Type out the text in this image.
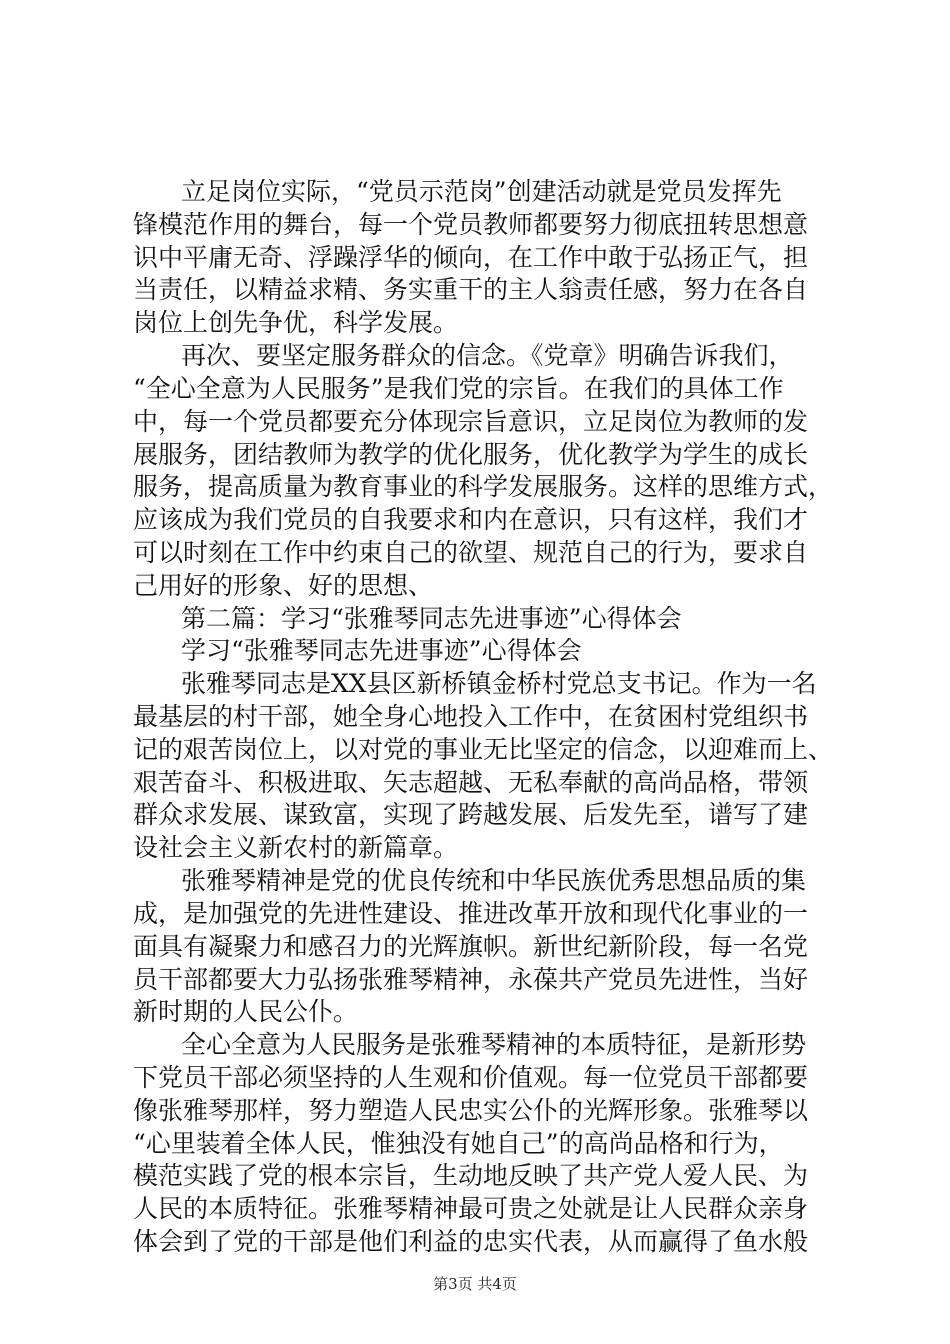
立足岗位实际，“党员示范岗”创建活动就是党员发挥先
锋模范作用的舞台，每一个党员教师都要努力彻底扭转思想意
识中平庸无奇、浮躁浮华的倾向，在工作中敢于弘扬正气，担
当责任，以精益求精、务实重干的主人翁责任感，努力在各自
岗位上创先争优，科学发展。
再次、要坚定服务群众的信念。《党章》明确告诉我们，
“全心全意为人民服务”是我们党的宗旨。在我们的具体工作
中，每一个党员都要充分体现宗旨意识，立足岗位为教师的发
展服务，团结教师为教学的优化服务，优化教学为学生的成长
服务，提高质量为教育事业的科学发展服务。这样的思维方式，
应该成为我们党员的自我要求和内在意识，只有这样，我们才
可以时刻在工作中约束自己的欲望、规范自己的行为，要求自
己用好的形象、好的思想、
第二篇：学习“张雅琴同志先进事迹”心得体会
学习“张雅琴同志先进事迹”心得体会
张雅琴同志是XX县区新桥镇金桥村党总支书记。作为一名
最基层的村干部，她全身心地投入工作中，在贫困村党组织书
记的艰苦岗位上，以对党的事业无比坚定的信念，以迎难而上、
艰苦奋斗、积极进取、矢志超越、无私奉献的高尚品格，带领
群众求发展、谋致富，实现了跨越发展、后发先至，谱写了建
设社会主义新农村的新篇章。
张雅琴精神是党的优良传统和中华民族优秀思想品质的集
成，是加强党的先进性建设、推进改革开放和现代化事业的一
面具有凝聚力和感召力的光辉旗帜。新世纪新阶段，每一名党
员干部都要大力弘扬张雅琴精神，永葆共产党员先进性，当好
新时期的人民公仆。
全心全意为人民服务是张雅琴精神的本质特征，是新形势
下党员干部必须坚持的人生观和价值观。每一位党员干部都要
像张雅琴那样，努力塑造人民忠实公仆的光辉形象。张雅琴以
“心里装着全体人民，惟独没有她自己”的高尚品格和行为，
模范实践了党的根本宗旨，生动地反映了共产党人爱人民、为
人民的本质特征。张雅琴精神最可贵之处就是让人民群众亲身
体会到了党的干部是他们利益的忠实代表，从而赢得了鱼水般
第3页 共4页
